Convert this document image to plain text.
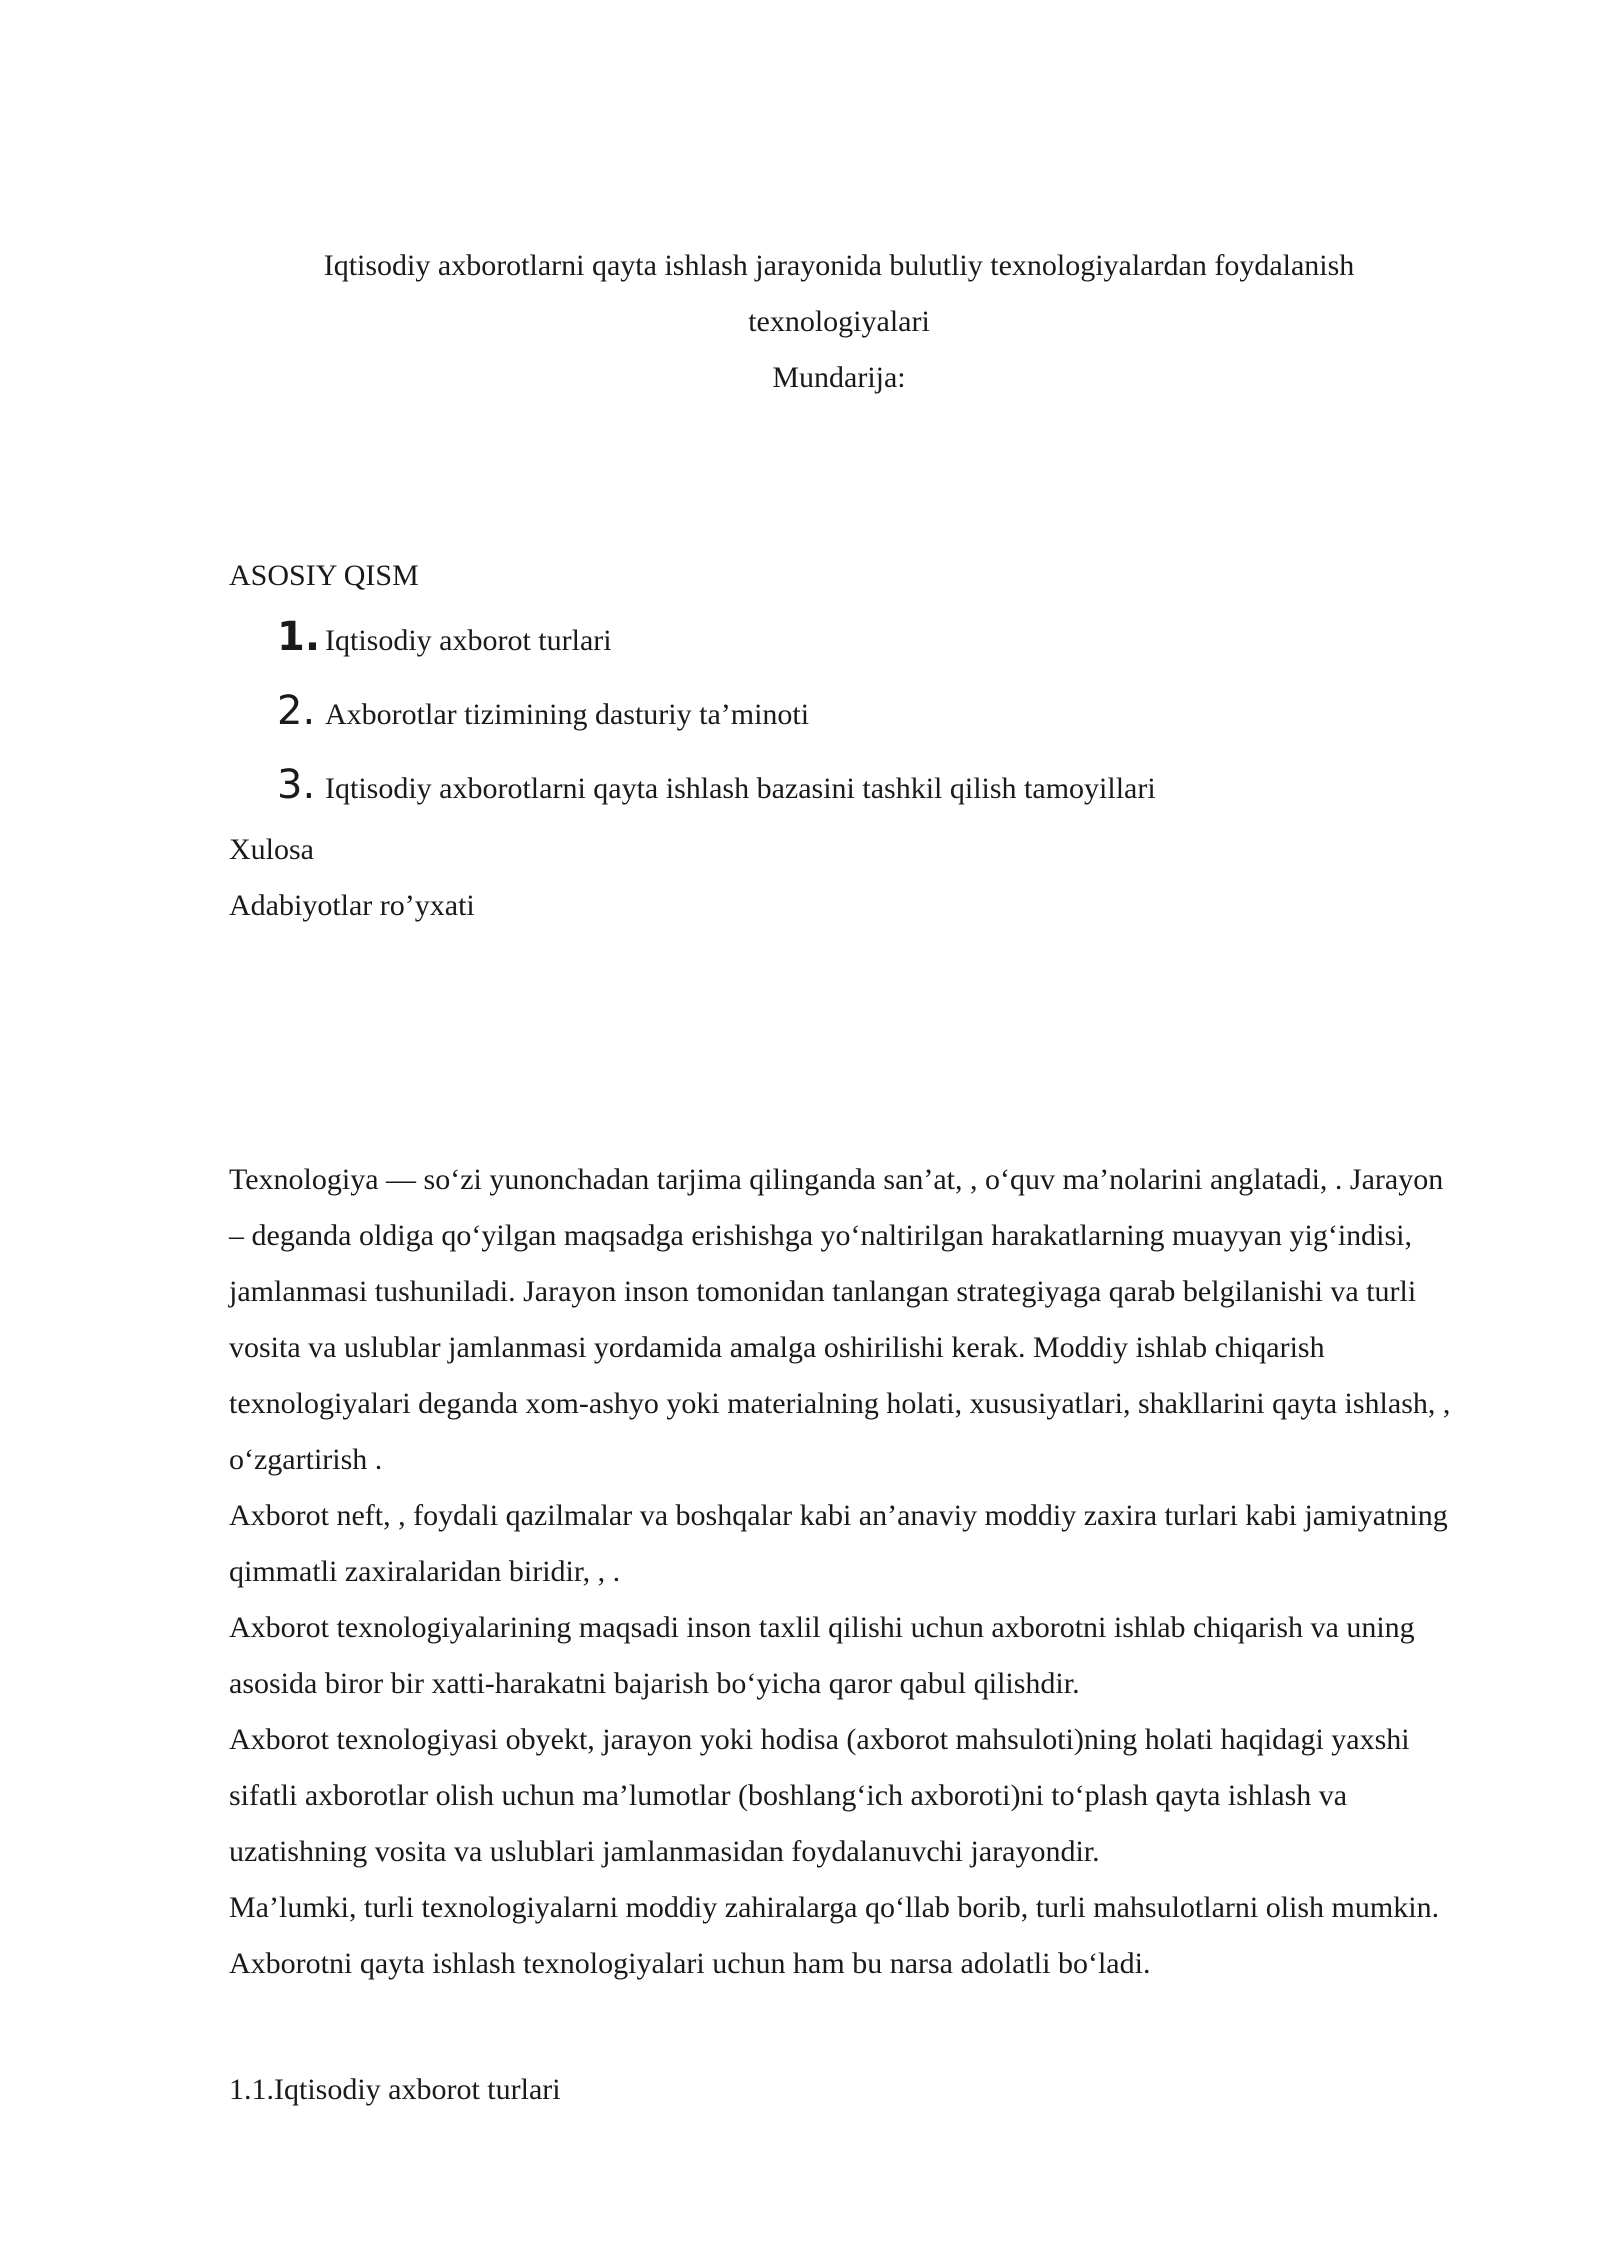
Iqtisodiy axborotlarni qayta ishlash jarayonida bulutliy texnologiyalardan foydalanish

texnologiyalari

Mundarija:

ASOSIY QISM

1. Iqtisodiy axborot turlari
2. Axborotlar tizimining dasturiy ta’minoti
3. Iqtisodiy axborotlarni qayta ishlash bazasini tashkil qilish tamoyillari

Xulosa

Adabiyotlar ro’yxati

Texnologiya — so‘zi yunonchadan tarjima qilinganda san’at, , o‘quv ma’nolarini anglatadi, . Jarayon – deganda oldiga qo‘yilgan maqsadga erishishga yo‘naltirilgan harakatlarning muayyan yig‘indisi, jamlanmasi tushuniladi. Jarayon inson tomonidan tanlangan strategiyaga qarab belgilanishi va turli vosita va uslublar jamlanmasi yordamida amalga oshirilishi kerak. Moddiy ishlab chiqarish texnologiyalari deganda xom-ashyo yoki materialning holati, xususiyatlari, shakllarini qayta ishlash, , o‘zgartirish .

Axborot neft, , foydali qazilmalar va boshqalar kabi an’anaviy moddiy zaxira turlari kabi jamiyatning qimmatli zaxiralaridan biridir, , .

Axborot texnologiyalarining maqsadi inson taxlil qilishi uchun axborotni ishlab chiqarish va uning asosida biror bir xatti-harakatni bajarish bo‘yicha qaror qabul qilishdir.

Axborot texnologiyasi obyekt, jarayon yoki hodisa (axborot mahsuloti)ning holati haqidagi yaxshi sifatli axborotlar olish uchun ma’lumotlar (boshlang‘ich axboroti)ni to‘plash qayta ishlash va uzatishning vosita va uslublari jamlanmasidan foydalanuvchi jarayondir.

Ma’lumki, turli texnologiyalarni moddiy zahiralarga qo‘llab borib, turli mahsulotlarni olish mumkin. Axborotni qayta ishlash texnologiyalari uchun ham bu narsa adolatli bo‘ladi.

1.1.Iqtisodiy axborot turlari
